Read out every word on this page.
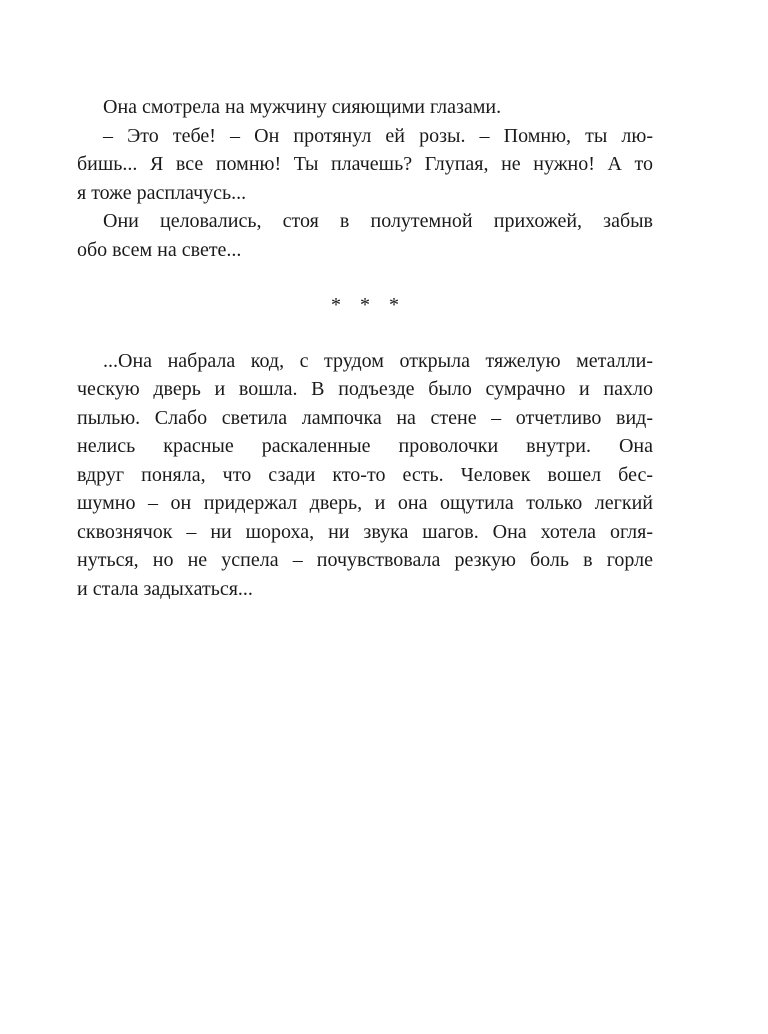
Она смотрела на мужчину сияющими глазами.
– Это тебе! – Он протянул ей розы. – Помню, ты лю-
бишь... Я все помню! Ты плачешь? Глупая, не нужно! А то
я тоже расплачусь...
Они целовались, стоя в полутемной прихожей, забыв
обо всем на свете...
* * *
...Она набрала код, с трудом открыла тяжелую металли-
ческую дверь и вошла. В подъезде было сумрачно и пахло
пылью. Слабо светила лампочка на стене – отчетливо вид-
нелись красные раскаленные проволочки внутри. Она
вдруг поняла, что сзади кто-то есть. Человек вошел бес-
шумно – он придержал дверь, и она ощутила только легкий
сквознячок – ни шороха, ни звука шагов. Она хотела огля-
нуться, но не успела – почувствовала резкую боль в горле
и стала задыхаться...
